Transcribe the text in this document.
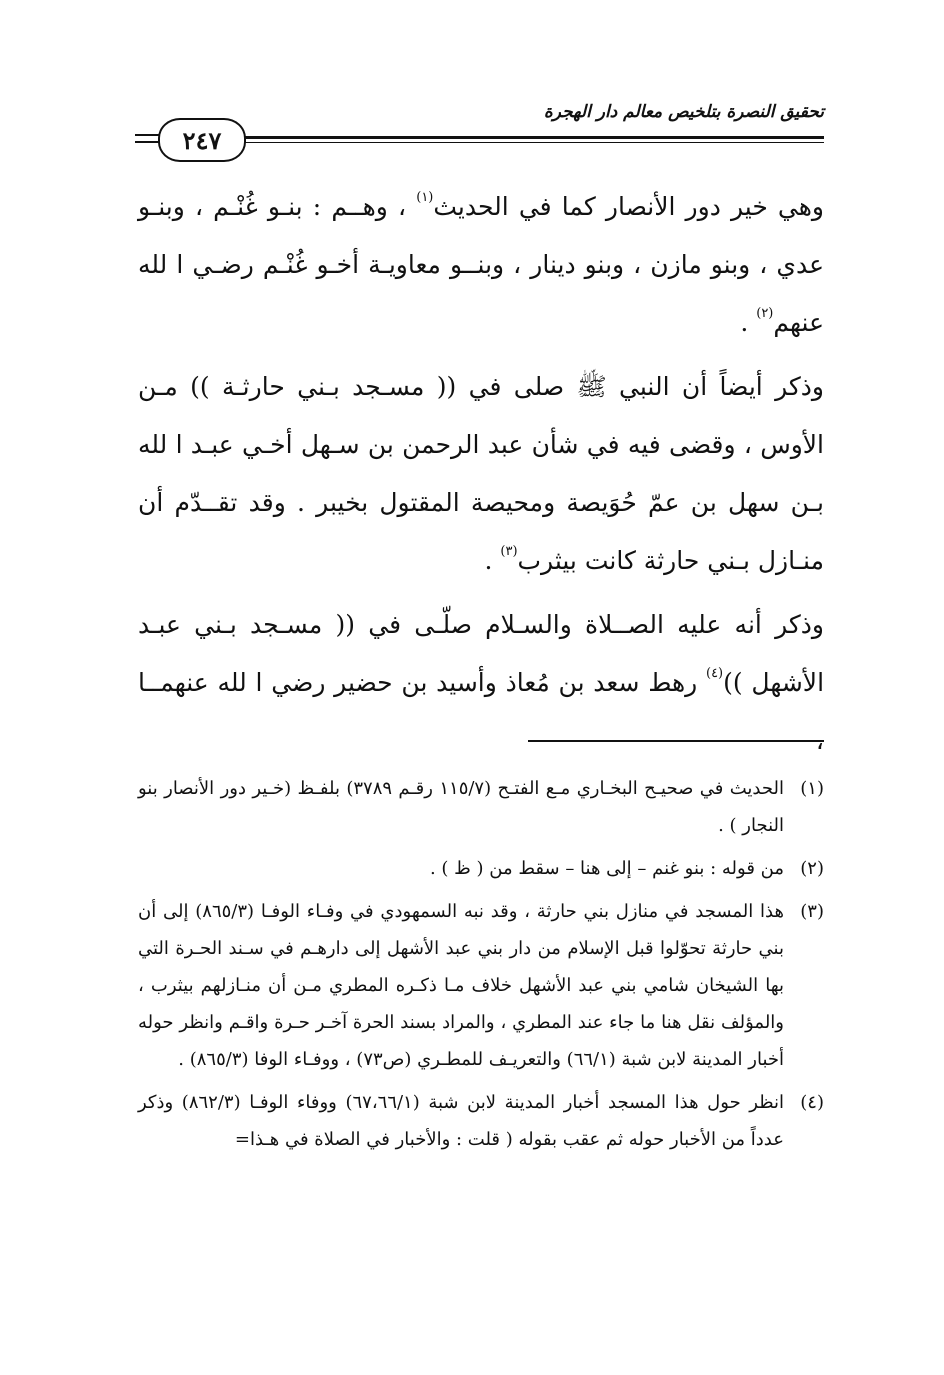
تحقيق النصرة بتلخيص معالم دار الهجرة
٢٤٧

وهي خير دور الأنصار كما في الحديث$^{(١)}$ ، وهــم : بنـو غُنْـم ، وبنـو عدي ، وبنو مازن ، وبنو دينار ، وبنــو معاويـة أخـو غُنْـم رضـي ا لله عنهم$^{(٢)}$ .

وذكر أيضاً أن النبي ﷺ صلى في (( مسـجد بـني حارثـة )) مـن الأوس ، وقضى فيه في شأن عبد الرحمن بن سـهل أخـي عبـد ا لله بـن سهل بن عمّ حُوَيصة ومحيصة المقتول بخيبر . وقد تقــدّم أن منـازل بـني حارثة كانت بيثرب$^{(٣)}$ .

وذكر أنه عليه الصــلاة والسـلام صلّـى في (( مسـجد بـني عبـد الأشهل ))$^{(٤)}$ رهط سعد بن مُعاذ وأسيد بن حضير رضي ا لله عنهمــا

(١)
الحديث في صحيـح البخـاري مـع الفتـح (١١٥/٧ رقـم ٣٧٨٩) بلفـظ (خـير دور الأنصار بنو النجار ) .
(٢)
من قوله : بنو غنم – إلى هنا – سقط من ( ظ ) .
(٣)
هذا المسجد في منازل بني حارثة ، وقد نبه السمهودي في وفـاء الوفـا (٨٦٥/٣) إلى أن بني حارثة تحوّلوا قبل الإسلام من دار بني عبد الأشهل إلى دارهـم في سـند الحـرة التي بها الشيخان شامي بني عبد الأشهل خلاف مـا ذكـره المطري مـن أن منـازلهم بيثرب ، والمؤلف نقل هنا ما جاء عند المطري ، والمراد بسند الحرة آخـر حـرة واقـم وانظر حوله أخبار المدينة لابن شبة (٦٦/١) والتعريـف للمطـري (ص٧٣) ، ووفـاء الوفا (٨٦٥/٣) .
(٤)
انظر حول هذا المسجد أخبار المدينة لابن شبة (٦٧،٦٦/١) ووفاء الوفـا (٨٦٢/٣) وذكر عدداً من الأخبار حوله ثم عقب بقوله ( قلت : والأخبار في الصلاة في هـذا=
